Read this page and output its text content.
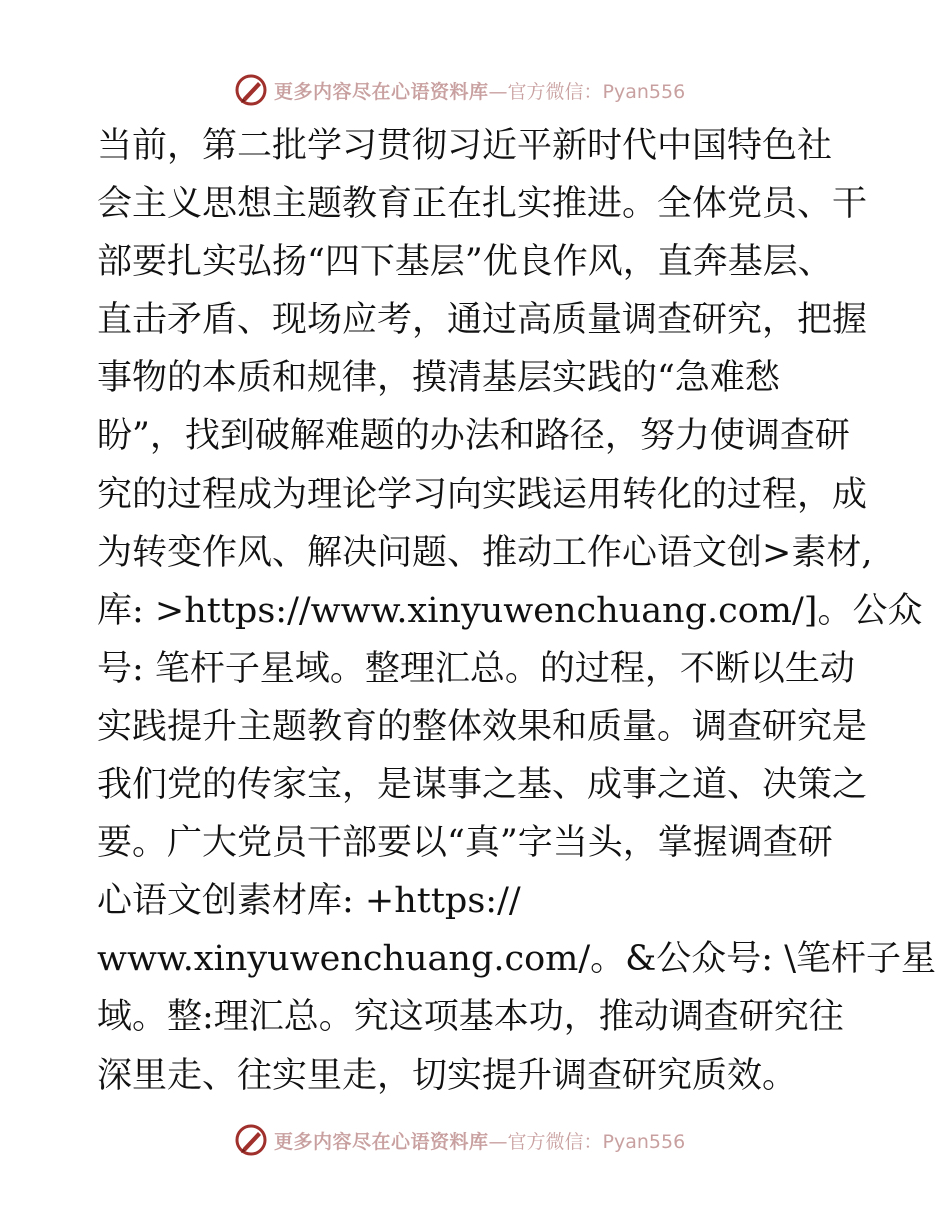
更多内容尽在心语资料库 —官方微信：Pyan556
当前，第二批学习贯彻习近平新时代中国特色社
会主义思想主题教育正在扎实推进。全体党员、干
部要扎实弘扬“四下基层”优良作风，直奔基层、
直击矛盾、现场应考，通过高质量调查研究，把握
事物的本质和规律，摸清基层实践的“急难愁
盼”，找到破解难题的办法和路径，努力使调查研
究的过程成为理论学习向实践运用转化的过程，成
为转变作风、解决问题、推动工作心语文创>素材,
库: >https://www.xinyuwenchuang.com/]。公众
号: 笔杆子星域。整理汇总。的过程，不断以生动
实践提升主题教育的整体效果和质量。调查研究是
我们党的传家宝，是谋事之基、成事之道、决策之
要。广大党员干部要以“真”字当头，掌握调查研
心语文创素材库: +https://
www.xinyuwenchuang.com/。&公众号: \笔杆子星
域。整:理汇总。究这项基本功，推动调查研究往
深里走、往实里走，切实提升调查研究质效。
更多内容尽在心语资料库 —官方微信：Pyan556
